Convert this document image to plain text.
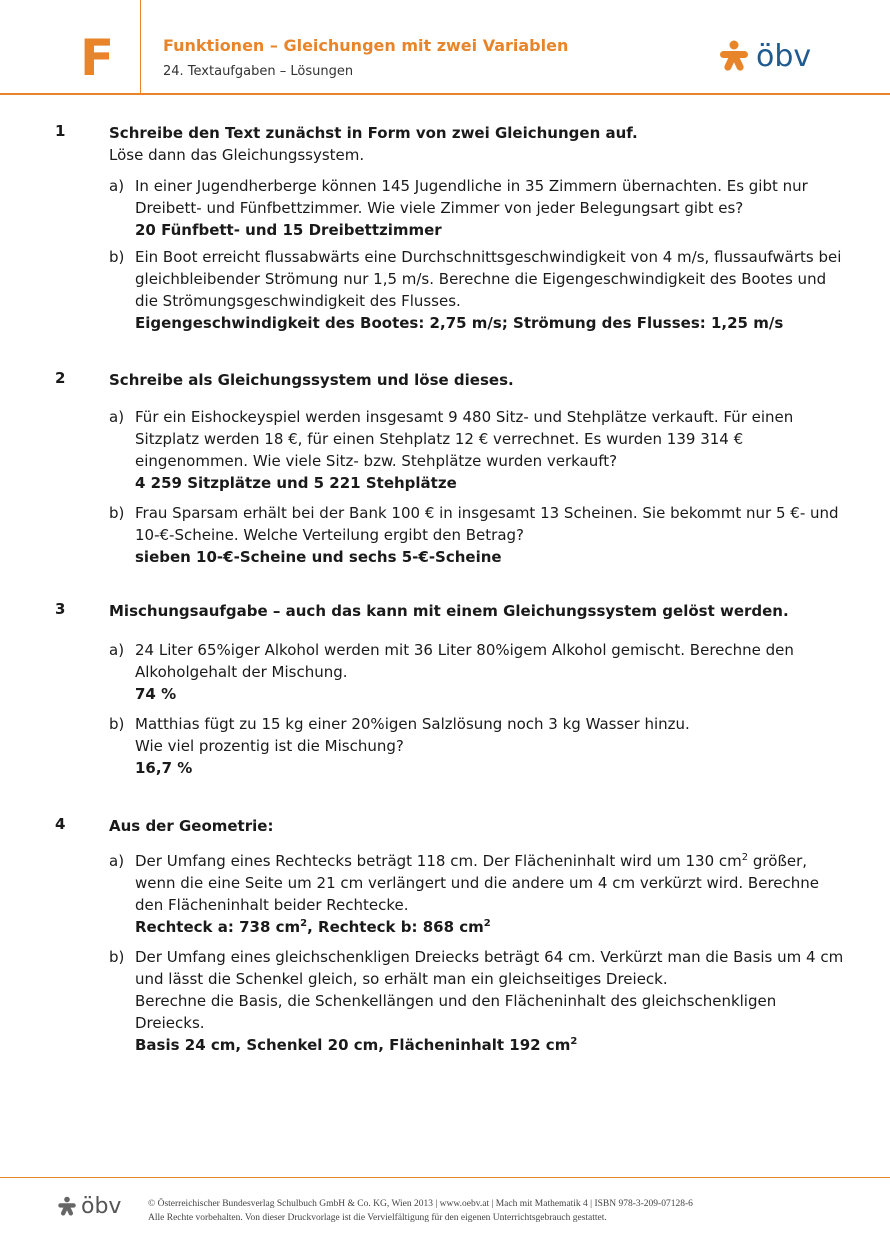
F	Funktionen – Gleichungen mit zwei Variablen
24. Textaufgaben – Lösungen	öbv
1	Schreibe den Text zunächst in Form von zwei Gleichungen auf.
Löse dann das Gleichungssystem.
a) In einer Jugendherberge können 145 Jugendliche in 35 Zimmern übernachten. Es gibt nur Dreibett- und Fünfbettzimmer. Wie viele Zimmer von jeder Belegungsart gibt es?
20 Fünfbett- und 15 Dreibettzimmer
b) Ein Boot erreicht flussabwärts eine Durchschnittsgeschwindigkeit von 4 m/s, flussaufwärts bei gleichbleibender Strömung nur 1,5 m/s. Berechne die Eigengeschwindigkeit des Bootes und die Strömungsgeschwindigkeit des Flusses.
Eigengeschwindigkeit des Bootes: 2,75 m/s; Strömung des Flusses: 1,25 m/s
2	Schreibe als Gleichungssystem und löse dieses.
a) Für ein Eishockeyspiel werden insgesamt 9 480 Sitz- und Stehplätze verkauft. Für einen Sitzplatz werden 18 €, für einen Stehplatz 12 € verrechnet. Es wurden 139 314 € eingenommen. Wie viele Sitz- bzw. Stehplätze wurden verkauft?
4 259 Sitzplätze und 5 221 Stehplätze
b) Frau Sparsam erhält bei der Bank 100 € in insgesamt 13 Scheinen. Sie bekommt nur 5 €- und 10-€-Scheine. Welche Verteilung ergibt den Betrag?
sieben 10-€-Scheine und sechs 5-€-Scheine
3	Mischungsaufgabe – auch das kann mit einem Gleichungssystem gelöst werden.
a) 24 Liter 65%iger Alkohol werden mit 36 Liter 80%igem Alkohol gemischt. Berechne den Alkoholgehalt der Mischung.
74 %
b) Matthias fügt zu 15 kg einer 20%igen Salzlösung noch 3 kg Wasser hinzu.
Wie viel prozentig ist die Mischung?
16,7 %
4	Aus der Geometrie:
a) Der Umfang eines Rechtecks beträgt 118 cm. Der Flächeninhalt wird um 130 $cm^2$ größer, wenn die eine Seite um 21 cm verlängert und die andere um 4 cm verkürzt wird. Berechne den Flächeninhalt beider Rechtecke.
Rechteck a: 738 $cm^2$, Rechteck b: 868 $cm^2$
b) Der Umfang eines gleichschenkligen Dreiecks beträgt 64 cm. Verkürzt man die Basis um 4 cm und lässt die Schenkel gleich, so erhält man ein gleichseitiges Dreieck.
Berechne die Basis, die Schenkellängen und den Flächeninhalt des gleichschenkligen Dreiecks.
Basis 24 cm, Schenkel 20 cm, Flächeninhalt 192 $cm^2$
öbv	© Österreichischer Bundesverlag Schulbuch GmbH & Co. KG, Wien 2013 | www.oebv.at | Mach mit Mathematik 4 | ISBN 978-3-209-07128-6
Alle Rechte vorbehalten. Von dieser Druckvorlage ist die Vervielfältigung für den eigenen Unterrichtsgebrauch gestattet.
